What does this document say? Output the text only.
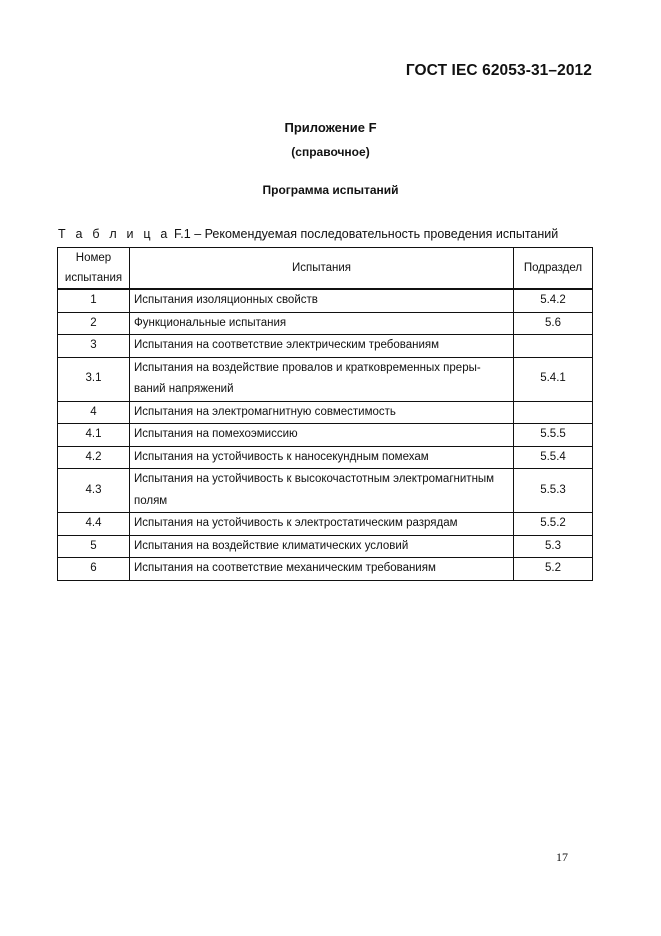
ГОСТ IEC 62053-31–2012
Приложение F
(справочное)
Программа испытаний
Т а б л и ц а F.1 – Рекомендуемая последовательность проведения испытаний
Номер
испытания	Испытания	Подраздел
1	Испытания изоляционных свойств	5.4.2
2	Функциональные испытания	5.6
3	Испытания на соответствие электрическим требованиям	
3.1	Испытания на воздействие провалов и кратковременных преры-ваний напряжений	5.4.1
4	Испытания на электромагнитную совместимость	
4.1	Испытания на помехоэмиссию	5.5.5
4.2	Испытания на устойчивость к наносекундным помехам	5.5.4
4.3	Испытания на устойчивость к высокочастотным электромагнитным полям	5.5.3
4.4	Испытания на устойчивость к электростатическим разрядам	5.5.2
5	Испытания на воздействие климатических условий	5.3
6	Испытания на соответствие механическим требованиям	5.2
17
